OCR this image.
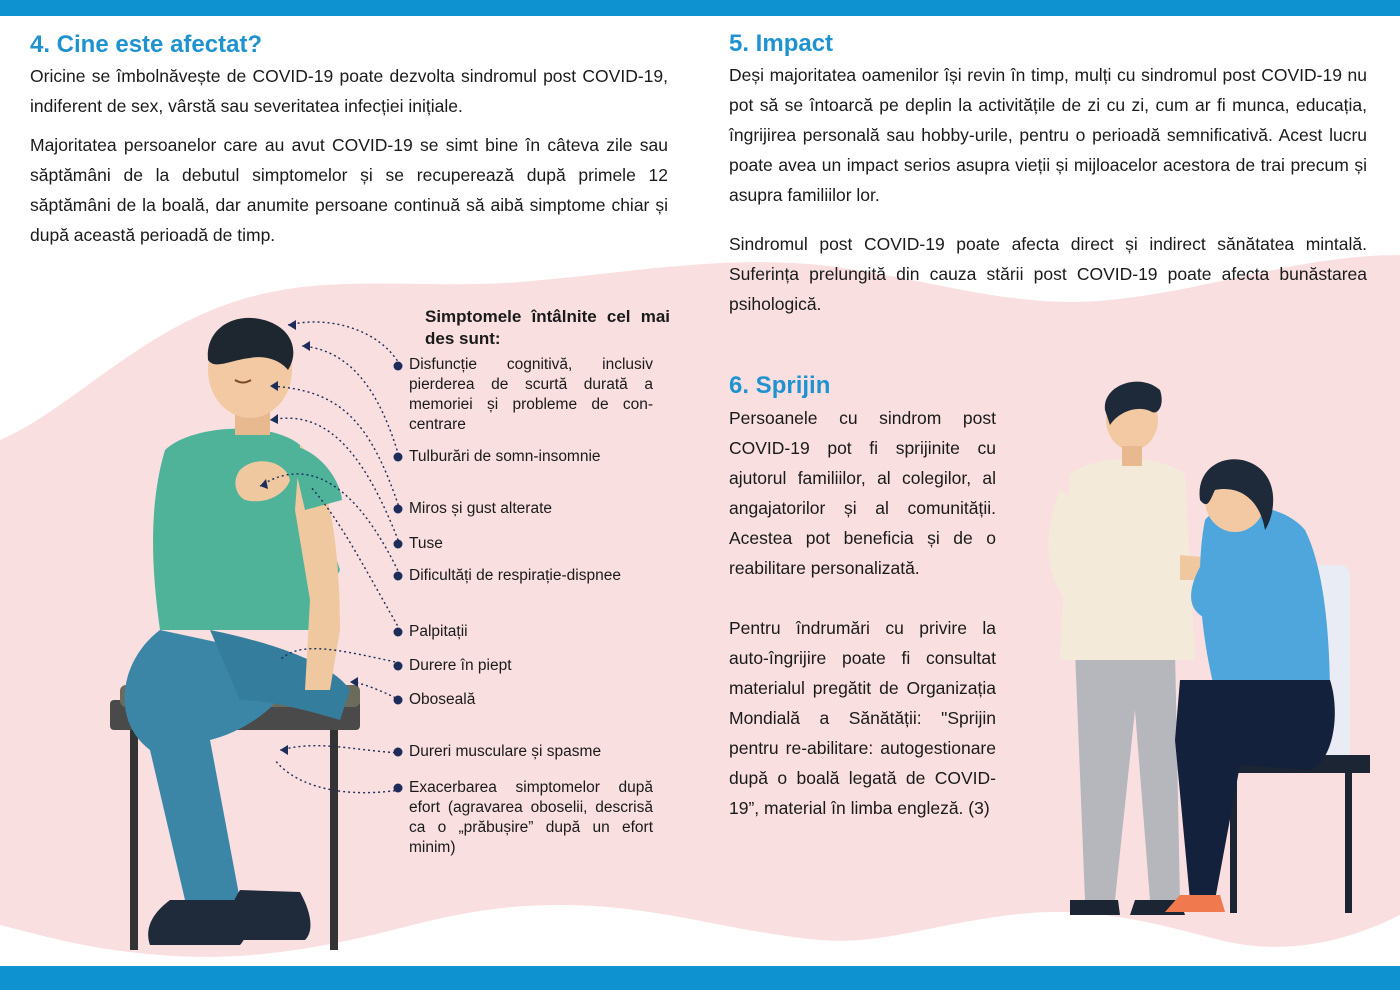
4. Cine este afectat?

Oricine se îmbolnăvește de COVID-19 poate dezvolta sindromul post COVID-19, indiferent de sex, vârstă sau severitatea infecției inițiale.

Majoritatea persoanelor care au avut COVID-19 se simt bine în câteva zile sau săptămâni de la debutul simptomelor și se recuperează după primele 12 săptămâni de la boală, dar anumite persoane continuă să aibă simptome chiar și după această perioadă de timp.

Simptomele întâlnite cel mai des sunt:

Disfuncție cognitivă, inclusiv pierderea de scurtă durată a memoriei și probleme de con-centrare

Tulburări de somn-insomnie

Miros și gust alterate

Tuse

Dificultăți de respirație-dispnee

Palpitații

Durere în piept

Oboseală

Dureri musculare și spasme

Exacerbarea simptomelor după efort (agravarea oboselii, descrisă ca o „prăbușire” după un efort minim)

5. Impact

Deși majoritatea oamenilor își revin în timp, mulți cu sindromul post COVID-19 nu pot să se întoarcă pe deplin la activitățile de zi cu zi, cum ar fi munca, educația, îngrijirea personală sau hobby-urile, pentru o perioadă semnificativă. Acest lucru poate avea un impact serios asupra vieții și mijloacelor acestora de trai precum și asupra familiilor lor.

Sindromul post COVID-19 poate afecta direct și indirect sănătatea mintală. Suferința prelungită din cauza stării post COVID-19 poate afecta bunăstarea psihologică.

6. Sprijin

Persoanele cu sindrom post COVID-19 pot fi sprijinite cu ajutorul familiilor, al colegilor, al angajatorilor și al comunității. Acestea pot beneficia și de o reabilitare personalizată.

Pentru îndrumări cu privire la auto-îngrijire poate fi consultat materialul pregătit de Organizația Mondială a Sănătății: "Sprijin pentru re-abilitare: autogestionare după o boală legată de COVID-19”, material în limba engleză. (3)
